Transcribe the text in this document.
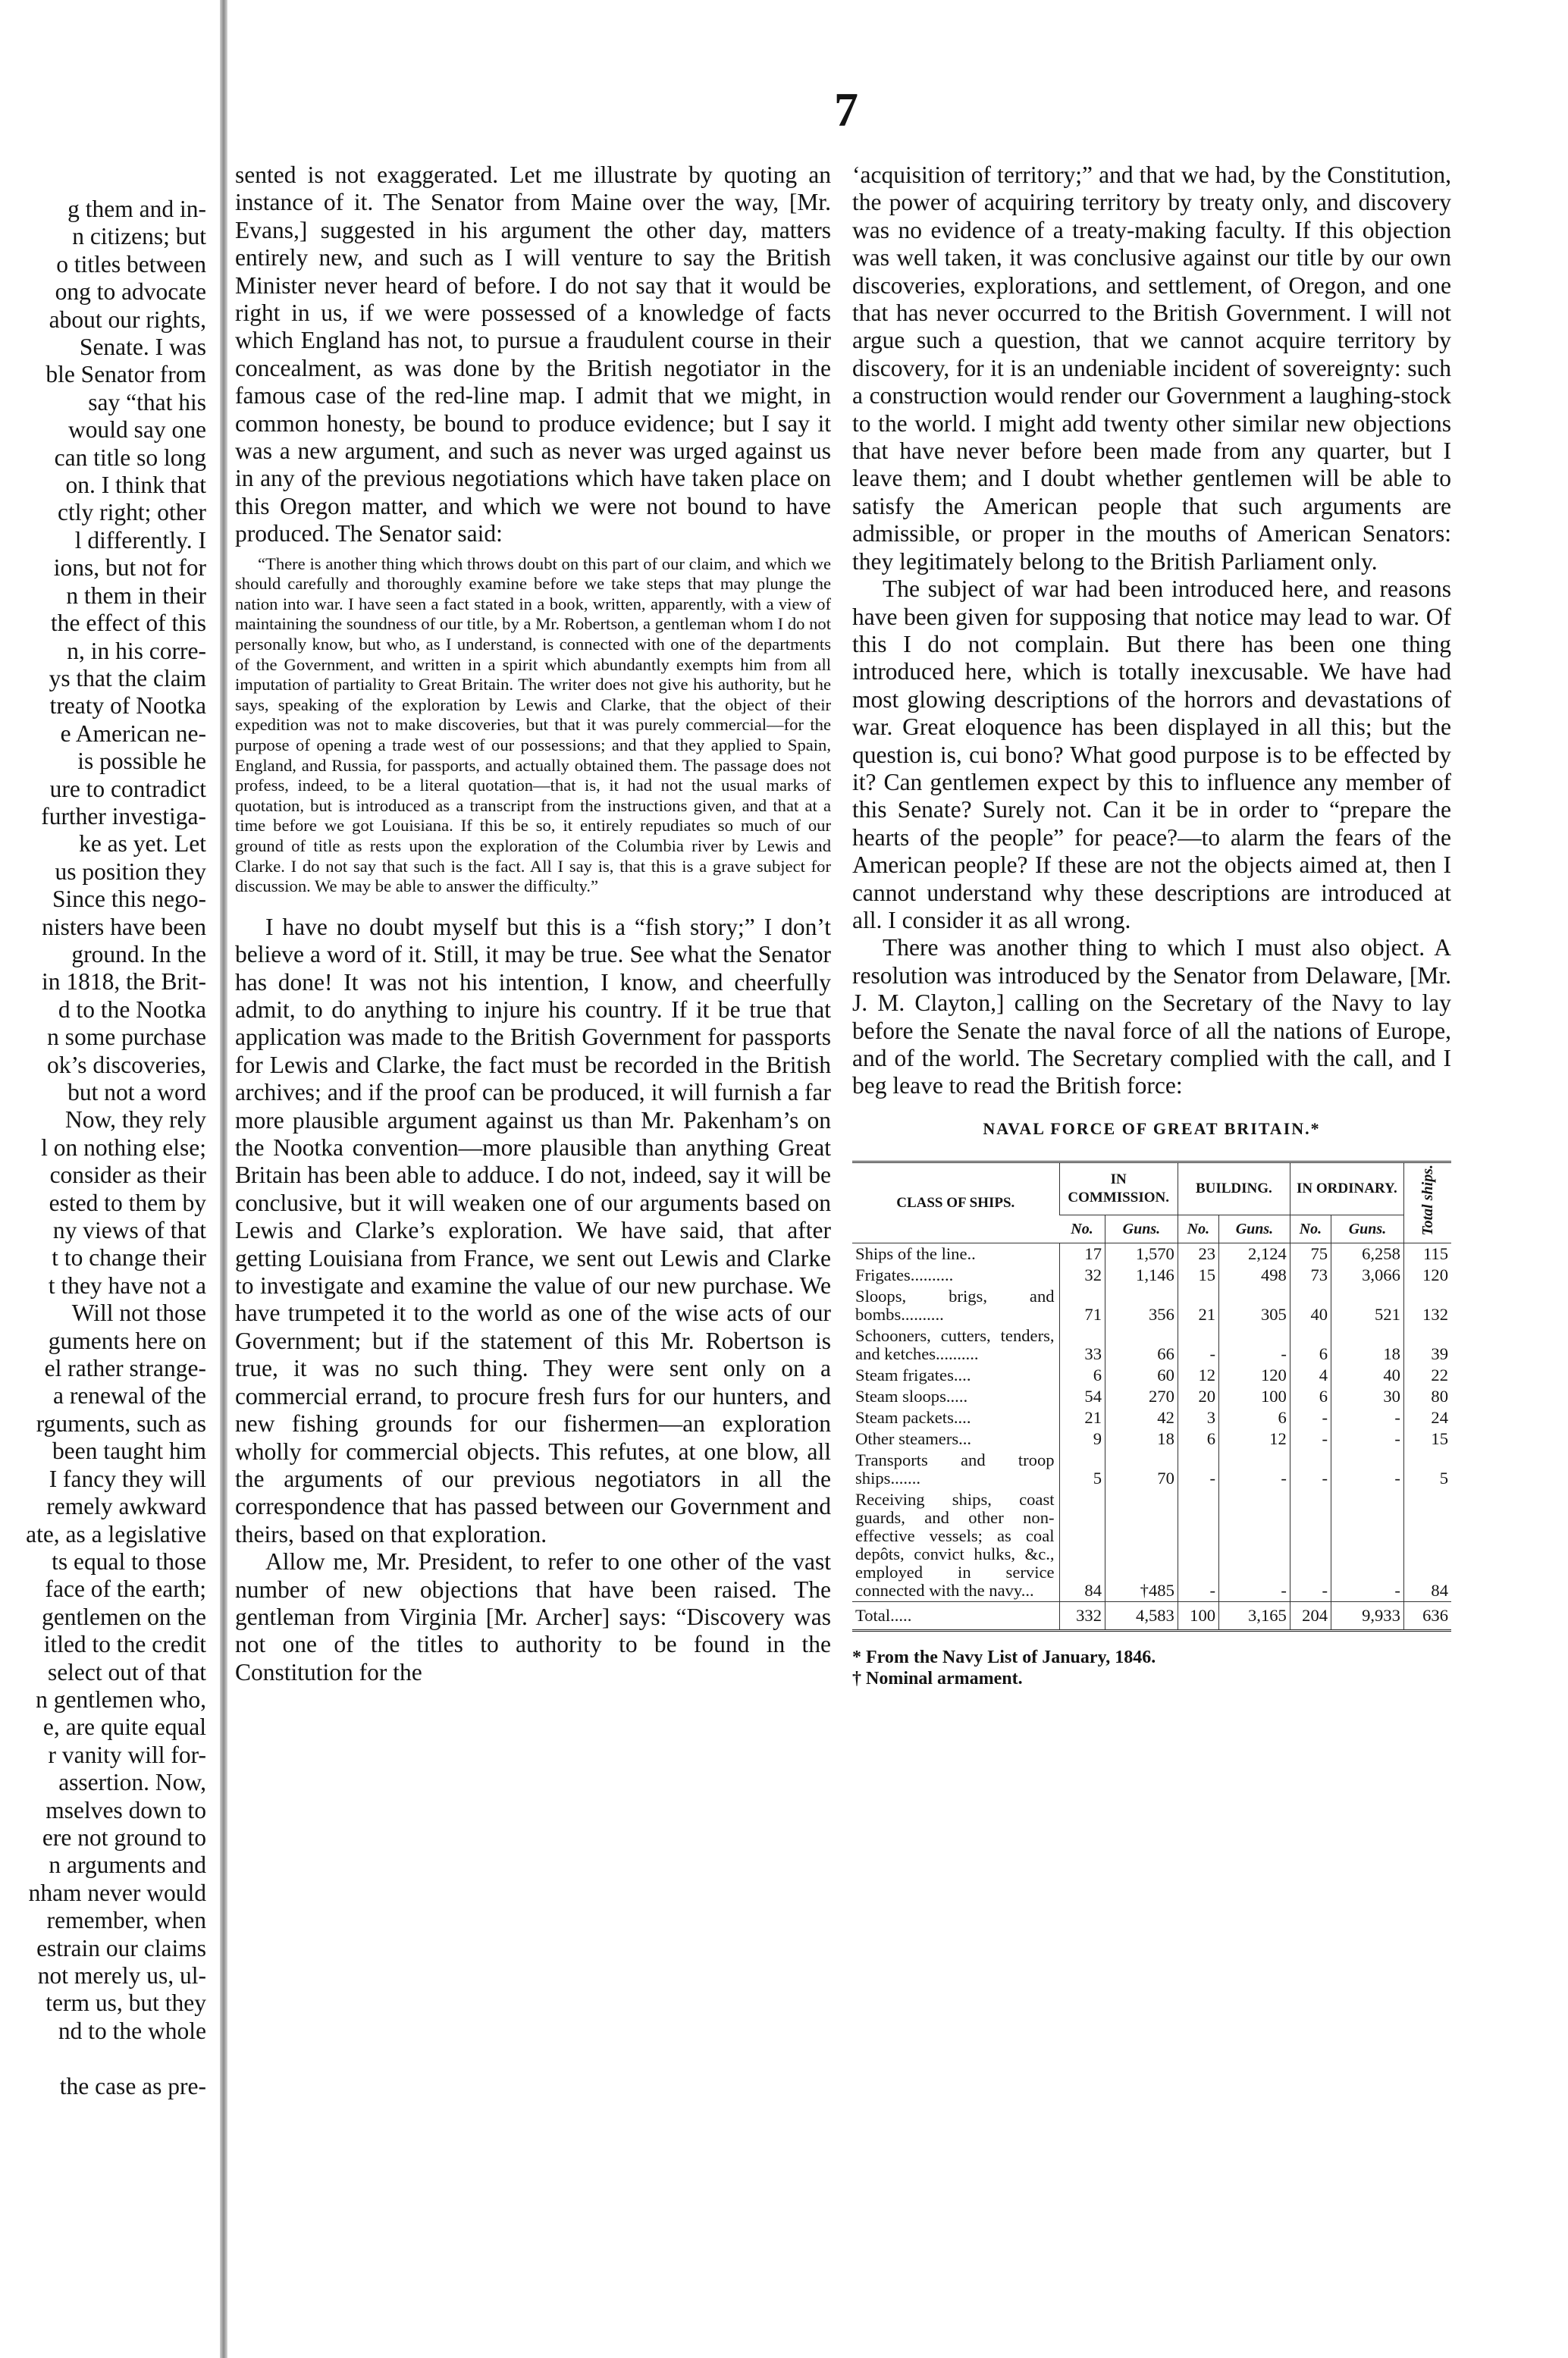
7
g them and in-
n citizens; but
o titles between
ong to advocate
about our rights,
Senate. I was
ble Senator from
say “that his
would say one
can title so long
on. I think that
ctly right; other
l differently. I
ions, but not for
n them in their
the effect of this
n, in his corre-
ys that the claim
treaty of Nootka
e American ne-
is possible he
ure to contradict
further investiga-
ke as yet. Let
us position they
Since this nego-
nisters have been
ground. In the
in 1818, the Brit-
d to the Nootka
n some purchase
ok’s discoveries,
but not a word
Now, they rely
l on nothing else;
consider as their
ested to them by
ny views of that
t to change their
t they have not a
Will not those
guments here on
el rather strange-
a renewal of the
rguments, such as
been taught him
I fancy they will
remely awkward
ate, as a legislative
ts equal to those
face of the earth;
gentlemen on the
itled to the credit
select out of that
n gentlemen who,
e, are quite equal
r vanity will for-
assertion. Now,
mselves down to
ere not ground to
n arguments and
nham never would
remember, when
estrain our claims
not merely us, ul-
term us, but they
nd to the whole

the case as pre-

sented is not exaggerated. Let me illustrate by quoting an instance of it. The Senator from Maine over the way, [Mr. Evans,] suggested in his argument the other day, matters entirely new, and such as I will venture to say the British Minister never heard of before. I do not say that it would be right in us, if we were possessed of a knowledge of facts which England has not, to pursue a fraudulent course in their concealment, as was done by the British negotiator in the famous case of the red-line map. I admit that we might, in common honesty, be bound to produce evidence; but I say it was a new argument, and such as never was urged against us in any of the previous negotiations which have taken place on this Oregon matter, and which we were not bound to have produced. The Senator said:

“There is another thing which throws doubt on this part of our claim, and which we should carefully and thoroughly examine before we take steps that may plunge the nation into war. I have seen a fact stated in a book, written, apparently, with a view of maintaining the soundness of our title, by a Mr. Robertson, a gentleman whom I do not personally know, but who, as I understand, is connected with one of the departments of the Government, and written in a spirit which abundantly exempts him from all imputation of partiality to Great Britain. The writer does not give his authority, but he says, speaking of the exploration by Lewis and Clarke, that the object of their expedition was not to make discoveries, but that it was purely commercial—for the purpose of opening a trade west of our possessions; and that they applied to Spain, England, and Russia, for passports, and actually obtained them. The passage does not profess, indeed, to be a literal quotation—that is, it had not the usual marks of quotation, but is introduced as a transcript from the instructions given, and that at a time before we got Louisiana. If this be so, it entirely repudiates so much of our ground of title as rests upon the exploration of the Columbia river by Lewis and Clarke. I do not say that such is the fact. All I say is, that this is a grave subject for discussion. We may be able to answer the difficulty.”

I have no doubt myself but this is a “fish story;” I don’t believe a word of it. Still, it may be true. See what the Senator has done! It was not his intention, I know, and cheerfully admit, to do anything to injure his country. If it be true that application was made to the British Government for passports for Lewis and Clarke, the fact must be recorded in the British archives; and if the proof can be produced, it will furnish a far more plausible argument against us than Mr. Pakenham’s on the Nootka convention—more plausible than anything Great Britain has been able to adduce. I do not, indeed, say it will be conclusive, but it will weaken one of our arguments based on Lewis and Clarke’s exploration. We have said, that after getting Louisiana from France, we sent out Lewis and Clarke to investigate and examine the value of our new purchase. We have trumpeted it to the world as one of the wise acts of our Government; but if the statement of this Mr. Robertson is true, it was no such thing. They were sent only on a commercial errand, to procure fresh furs for our hunters, and new fishing grounds for our fishermen—an exploration wholly for commercial objects. This refutes, at one blow, all the arguments of our previous negotiators in all the correspondence that has passed between our Government and theirs, based on that exploration.

Allow me, Mr. President, to refer to one other of the vast number of new objections that have been raised. The gentleman from Virginia [Mr. Archer] says: “Discovery was not one of the titles to authority to be found in the Constitution for the

‘acquisition of territory;” and that we had, by the Constitution, the power of acquiring territory by treaty only, and discovery was no evidence of a treaty-making faculty. If this objection was well taken, it was conclusive against our title by our own discoveries, explorations, and settlement, of Oregon, and one that has never occurred to the British Government. I will not argue such a question, that we cannot acquire territory by discovery, for it is an undeniable incident of sovereignty: such a construction would render our Government a laughing-stock to the world. I might add twenty other similar new objections that have never before been made from any quarter, but I leave them; and I doubt whether gentlemen will be able to satisfy the American people that such arguments are admissible, or proper in the mouths of American Senators: they legitimately belong to the British Parliament only.

The subject of war had been introduced here, and reasons have been given for supposing that notice may lead to war. Of this I do not complain. But there has been one thing introduced here, which is totally inexcusable. We have had most glowing descriptions of the horrors and devastations of war. Great eloquence has been displayed in all this; but the question is, cui bono? What good purpose is to be effected by it? Can gentlemen expect by this to influence any member of this Senate? Surely not. Can it be in order to “prepare the hearts of the people” for peace?—to alarm the fears of the American people? If these are not the objects aimed at, then I cannot understand why these descriptions are introduced at all. I consider it as all wrong.

There was another thing to which I must also object. A resolution was introduced by the Senator from Delaware, [Mr. J. M. Clayton,] calling on the Secretary of the Navy to lay before the Senate the naval force of all the nations of Europe, and of the world. The Secretary complied with the call, and I beg leave to read the British force:

NAVAL FORCE OF GREAT BRITAIN.*

CLASS OF SHIPS.	IN COMMISSION.		BUILDING.		IN ORDINARY.		Total ships.
	No.	Guns.	No.	Guns.	No.	Guns.	
Ships of the line..	17	1,570	23	2,124	75	6,258	115
Frigates..........	32	1,146	15	498	73	3,066	120
Sloops, brigs, and bombs..........	71	356	21	305	40	521	132
Schooners, cutters, tenders, and ketches..........	33	66	-	-	6	18	39
Steam frigates....	6	60	12	120	4	40	22
Steam sloops.....	54	270	20	100	6	30	80
Steam packets....	21	42	3	6	-	-	24
Other steamers...	9	18	6	12	-	-	15
Transports and troop ships.......	5	70	-	-	-	-	5
Receiving ships, coast guards, and other non-effective vessels; as coal depôts, convict hulks, &c., employed in service connected with the navy...	84	†485	-	-	-	-	84
Total.....	332	4,583	100	3,165	204	9,933	636

* From the Navy List of January, 1846.

† Nominal armament.
